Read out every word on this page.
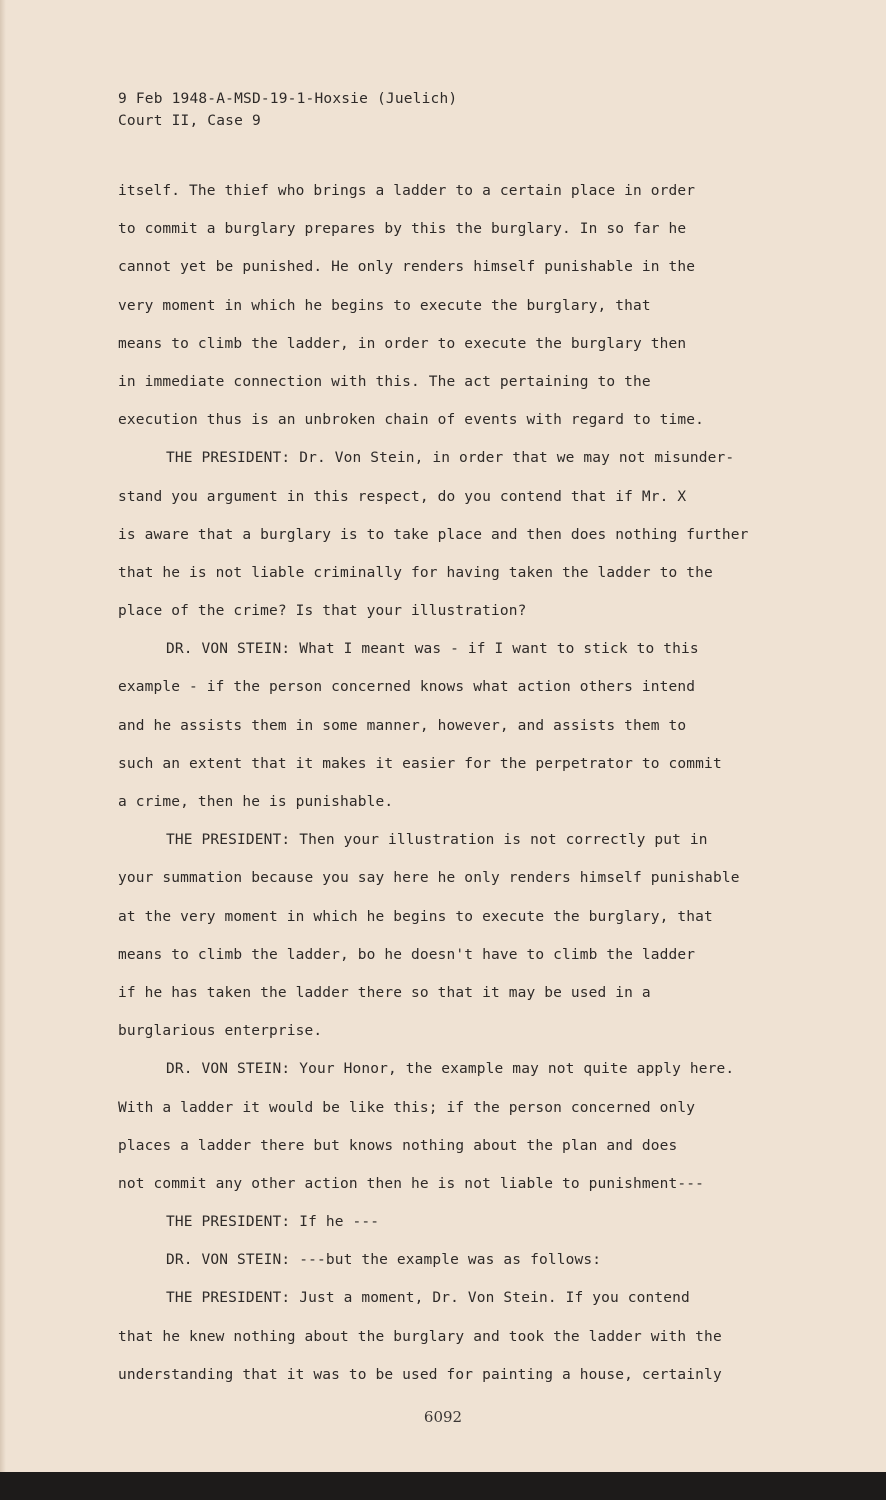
9 Feb 1948-A-MSD-19-1-Hoxsie (Juelich)
Court II, Case 9
itself. The thief who brings a ladder to a certain place in order
to commit a burglary prepares by this the burglary. In so far he
cannot yet be punished. He only renders himself punishable in the
very moment in which he begins to execute the burglary, that
means to climb the ladder, in order to execute the burglary then
in immediate connection with this. The act pertaining to the
execution thus is an unbroken chain of events with regard to time.
THE PRESIDENT: Dr. Von Stein, in order that we may not misunder-
stand you argument in this respect, do you contend that if Mr. X
is aware that a burglary is to take place and then does nothing further
that he is not liable criminally for having taken the ladder to the
place of the crime? Is that your illustration?
DR. VON STEIN: What I meant was - if I want to stick to this
example - if the person concerned knows what action others intend
and he assists them in some manner, however, and assists them to
such an extent that it makes it easier for the perpetrator to commit
a crime, then he is punishable.
THE PRESIDENT: Then your illustration is not correctly put in
your summation because you say here he only renders himself punishable
at the very moment in which he begins to execute the burglary, that
means to climb the ladder, bo he doesn't have to climb the ladder
if he has taken the ladder there so that it may be used in a
burglarious enterprise.
DR. VON STEIN: Your Honor, the example may not quite apply here.
With a ladder it would be like this; if the person concerned only
places a ladder there but knows nothing about the plan and does
not commit any other action then he is not liable to punishment---
THE PRESIDENT: If he ---
DR. VON STEIN: ---but the example was as follows:
THE PRESIDENT: Just a moment, Dr. Von Stein. If you contend
that he knew nothing about the burglary and took the ladder with the
understanding that it was to be used for painting a house, certainly
6092
